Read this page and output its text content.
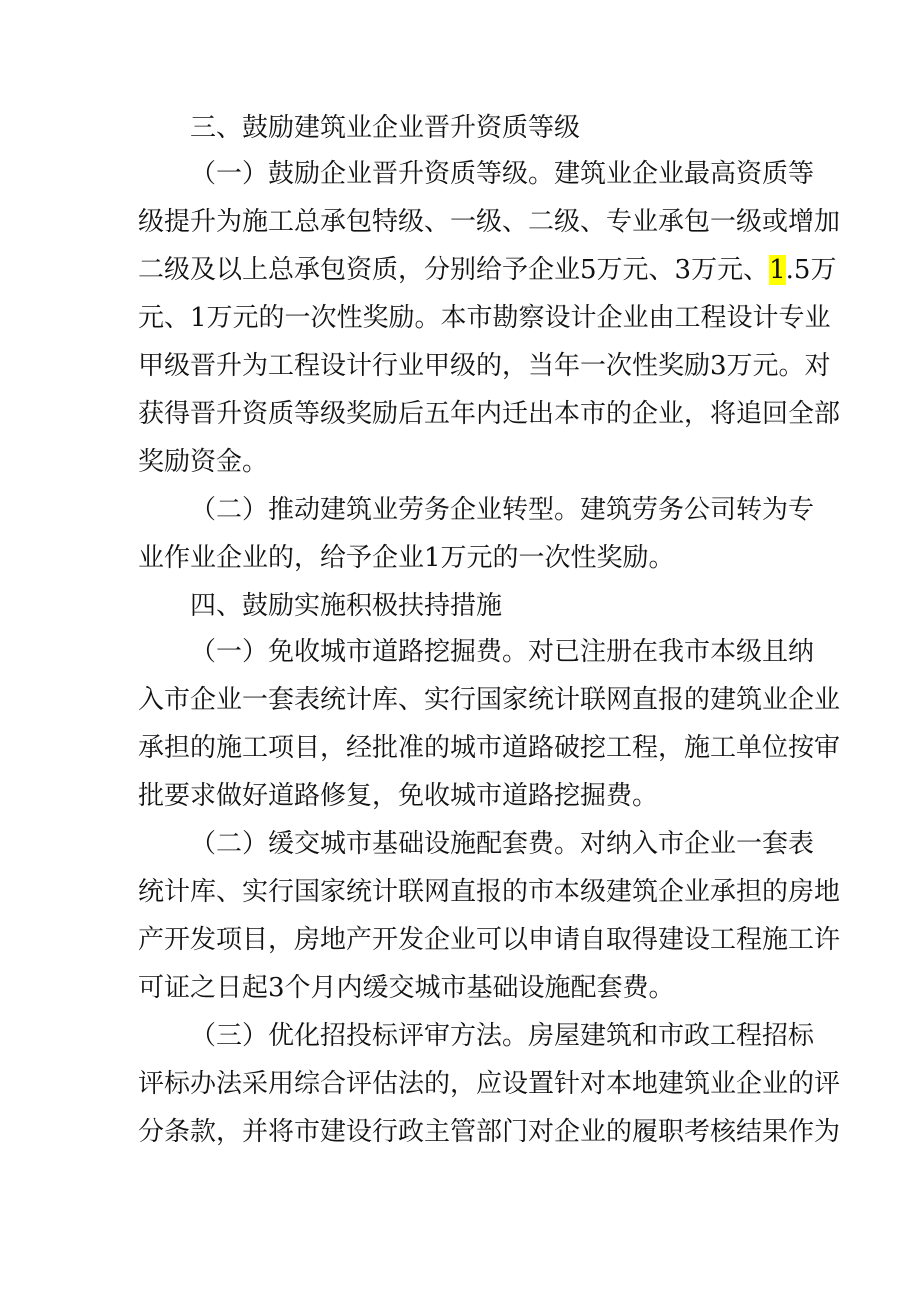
三、鼓励建筑业企业晋升资质等级
（一）鼓励企业晋升资质等级。建筑业企业最高资质等
级提升为施工总承包特级、一级、二级、专业承包一级或增加
二级及以上总承包资质，分别给予企业5万元、3万元、1.5万
元、1万元的一次性奖励。本市勘察设计企业由工程设计专业
甲级晋升为工程设计行业甲级的，当年一次性奖励3万元。对
获得晋升资质等级奖励后五年内迁出本市的企业，将追回全部
奖励资金。
（二）推动建筑业劳务企业转型。建筑劳务公司转为专
业作业企业的，给予企业1万元的一次性奖励。
四、鼓励实施积极扶持措施
（一）免收城市道路挖掘费。对已注册在我市本级且纳
入市企业一套表统计库、实行国家统计联网直报的建筑业企业
承担的施工项目，经批准的城市道路破挖工程，施工单位按审
批要求做好道路修复，免收城市道路挖掘费。
（二）缓交城市基础设施配套费。对纳入市企业一套表
统计库、实行国家统计联网直报的市本级建筑企业承担的房地
产开发项目，房地产开发企业可以申请自取得建设工程施工许
可证之日起3个月内缓交城市基础设施配套费。
（三）优化招投标评审方法。房屋建筑和市政工程招标
评标办法采用综合评估法的，应设置针对本地建筑业企业的评
分条款，并将市建设行政主管部门对企业的履职考核结果作为
